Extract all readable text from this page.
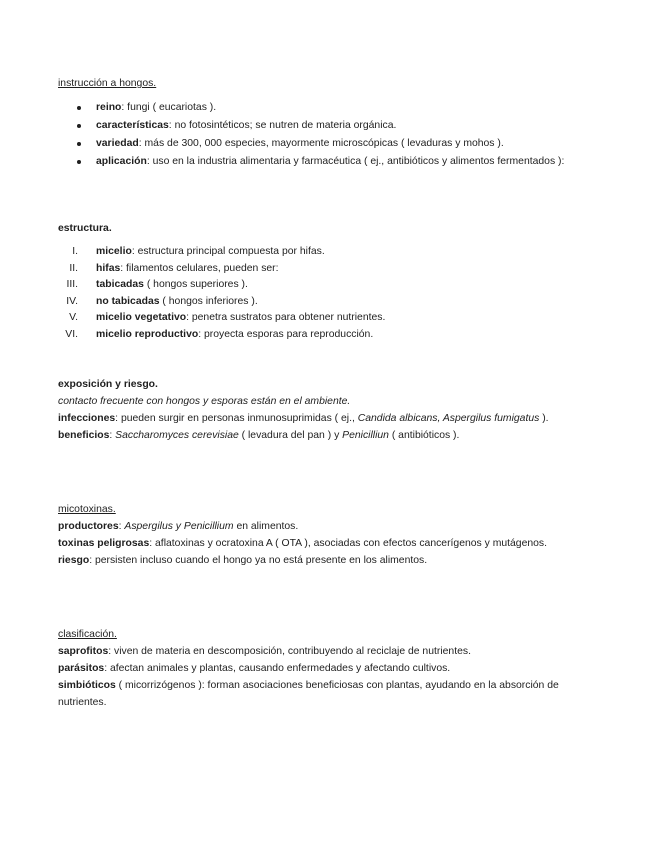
instrucción a hongos.

reino: fungi ( eucariotas ).
características: no fotosintéticos; se nutren de materia orgánica.
variedad: más de 300, 000 especies, mayormente microscópicas ( levaduras y mohos ).
aplicación: uso en la industria alimentaria y farmacéutica ( ej., antibióticos y alimentos fermentados ):

estructura.

I. micelio: estructura principal compuesta por hifas.
II. hifas: filamentos celulares, pueden ser:
III. tabicadas ( hongos superiores ).
IV. no tabicadas ( hongos inferiores ).
V. micelio vegetativo: penetra sustratos para obtener nutrientes.
VI. micelio reproductivo: proyecta esporas para reproducción.

exposición y riesgo.

contacto frecuente con hongos y esporas están en el ambiente.

infecciones: pueden surgir en personas inmunosuprimidas ( ej., Candida albicans, Aspergilus fumigatus ).

beneficios: Saccharomyces cerevisiae ( levadura del pan ) y Penicilliun ( antibióticos ).

micotoxinas.

productores: Aspergilus y Penicillium en alimentos.

toxinas peligrosas: aflatoxinas y ocratoxina A ( OTA ), asociadas con efectos cancerígenos y mutágenos.

riesgo: persisten incluso cuando el hongo ya no está presente en los alimentos.

clasificación.

saprofitos: viven de materia en descomposición, contribuyendo al reciclaje de nutrientes.

parásitos: afectan animales y plantas, causando enfermedades y afectando cultivos.

simbióticos ( micorrizógenos ): forman asociaciones beneficiosas con plantas, ayudando en la absorción de nutrientes.
